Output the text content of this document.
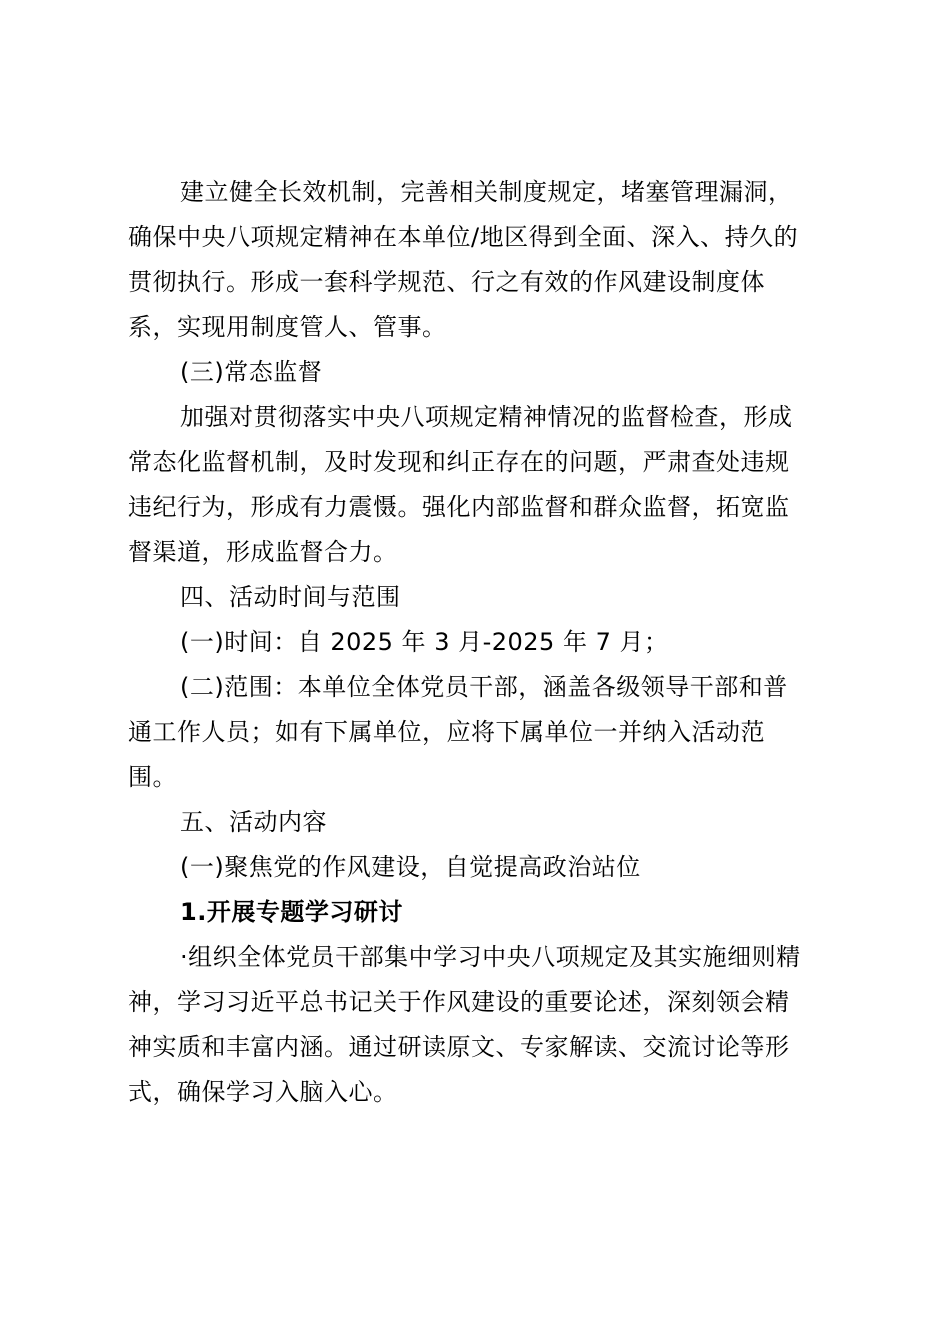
建立健全长效机制，完善相关制度规定，堵塞管理漏洞，
确保中央八项规定精神在本单位/地区得到全面、深入、持久的
贯彻执行。形成一套科学规范、行之有效的作风建设制度体
系，实现用制度管人、管事。

(三)常态监督

加强对贯彻落实中央八项规定精神情况的监督检查，形成
常态化监督机制，及时发现和纠正存在的问题，严肃查处违规
违纪行为，形成有力震慑。强化内部监督和群众监督，拓宽监
督渠道，形成监督合力。

四、活动时间与范围

(一)时间：自 2025 年 3 月-2025 年 7 月；

(二)范围：本单位全体党员干部，涵盖各级领导干部和普
通工作人员；如有下属单位，应将下属单位一并纳入活动范
围。

五、活动内容

(一)聚焦党的作风建设，自觉提高政治站位

1.开展专题学习研讨

·组织全体党员干部集中学习中央八项规定及其实施细则精
神，学习习近平总书记关于作风建设的重要论述，深刻领会精
神实质和丰富内涵。通过研读原文、专家解读、交流讨论等形
式，确保学习入脑入心。
